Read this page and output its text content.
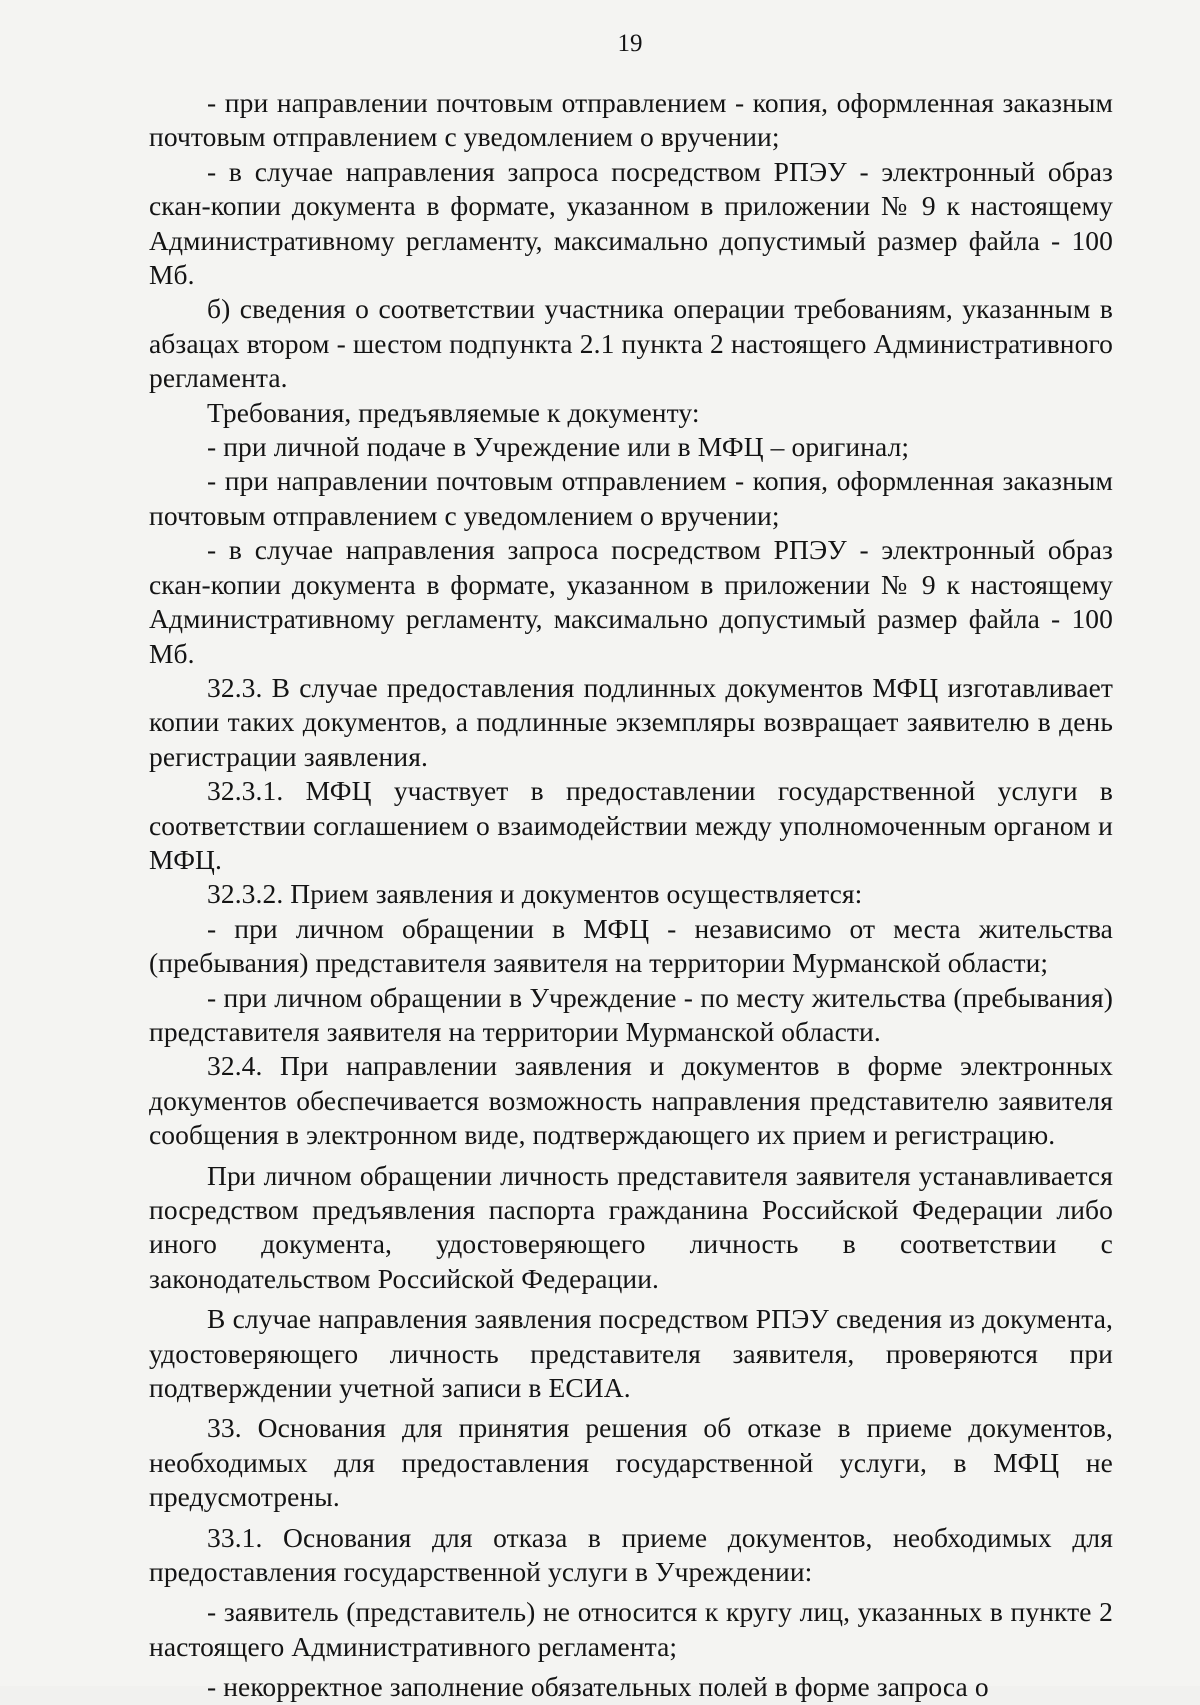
19

- при направлении почтовым отправлением - копия, оформленная заказным почтовым отправлением с уведомлением о вручении;

- в случае направления запроса посредством РПЭУ - электронный образ скан-копии документа в формате, указанном в приложении № 9 к настоящему Административному регламенту, максимально допустимый размер файла - 100 Мб.

б) сведения о соответствии участника операции требованиям, указанным в абзацах втором - шестом подпункта 2.1 пункта 2 настоящего Административного регламента.

Требования, предъявляемые к документу:

- при личной подаче в Учреждение или в МФЦ – оригинал;

- при направлении почтовым отправлением - копия, оформленная заказным почтовым отправлением с уведомлением о вручении;

- в случае направления запроса посредством РПЭУ - электронный образ скан-копии документа в формате, указанном в приложении № 9 к настоящему Административному регламенту, максимально допустимый размер файла - 100 Мб.

32.3. В случае предоставления подлинных документов МФЦ изготавливает копии таких документов, а подлинные экземпляры возвращает заявителю в день регистрации заявления.

32.3.1. МФЦ участвует в предоставлении государственной услуги в соответствии соглашением о взаимодействии между уполномоченным органом и МФЦ.

32.3.2. Прием заявления и документов осуществляется:

- при личном обращении в МФЦ - независимо от места жительства (пребывания) представителя заявителя на территории Мурманской области;

- при личном обращении в Учреждение - по месту жительства (пребывания) представителя заявителя на территории Мурманской области.

32.4. При направлении заявления и документов в форме электронных документов обеспечивается возможность направления представителю заявителя сообщения в электронном виде, подтверждающего их прием и регистрацию.

При личном обращении личность представителя заявителя устанавливается посредством предъявления паспорта гражданина Российской Федерации либо иного документа, удостоверяющего личность в соответствии с законодательством Российской Федерации.

В случае направления заявления посредством РПЭУ сведения из документа, удостоверяющего личность представителя заявителя, проверяются при подтверждении учетной записи в ЕСИА.

33. Основания для принятия решения об отказе в приеме документов, необходимых для предоставления государственной услуги, в МФЦ не предусмотрены.

33.1. Основания для отказа в приеме документов, необходимых для предоставления государственной услуги в Учреждении:

- заявитель (представитель) не относится к кругу лиц, указанных в пункте 2 настоящего Административного регламента;

- некорректное заполнение обязательных полей в форме запроса о
